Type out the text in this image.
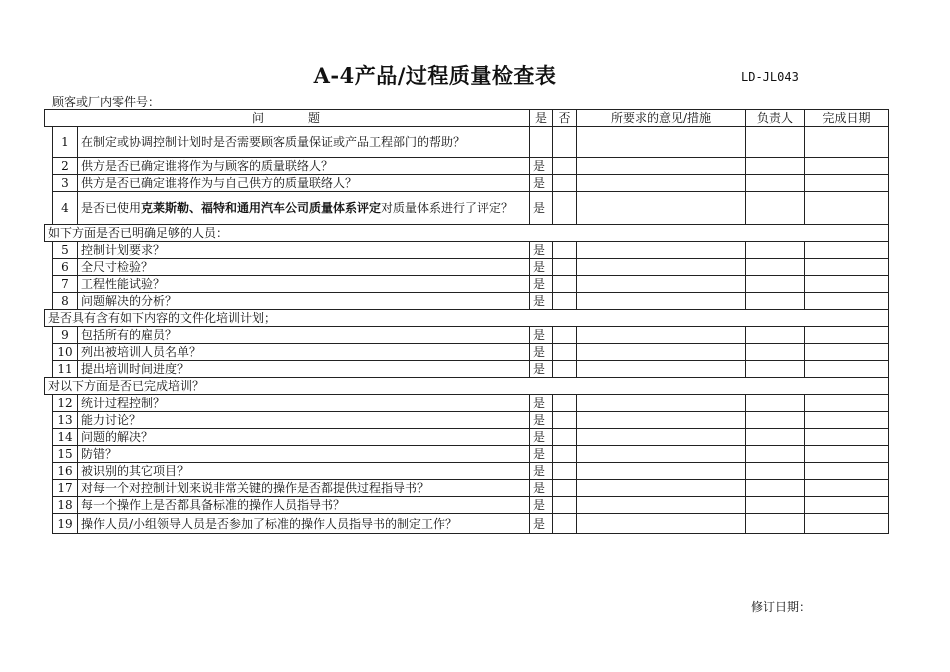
A-4产品/过程质量检查表	LD-JL043
顾客或厂内零件号：
问　　　题			是	否	所要求的意见/措施	负责人	完成日期
	1	在制定或协调控制计划时是否需要顾客质量保证或产品工程部门的帮助？					
	2	供方是否已确定谁将作为与顾客的质量联络人？	是				
	3	供方是否已确定谁将作为与自己供方的质量联络人？	是				
	4	是否已使用克莱斯勒、福特和通用汽车公司质量体系评定对质量体系进行了评定？	是				
如下方面是否已明确足够的人员：							
	5	控制计划要求？	是				
	6	全尺寸检验？	是				
	7	工程性能试验？	是				
	8	问题解决的分析？	是				
是否具有含有如下内容的文件化培训计划；							
	9	包括所有的雇员？	是				
	10	列出被培训人员名单？	是				
	11	提出培训时间进度？	是				
对以下方面是否已完成培训？							
	12	统计过程控制？	是				
	13	能力讨论？	是				
	14	问题的解决？	是				
	15	防错？	是				
	16	被识别的其它项目？	是				
	17	对每一个对控制计划来说非常关键的操作是否都提供过程指导书？	是				
	18	每一个操作上是否都具备标准的操作人员指导书？	是				
	19	操作人员/小组领导人员是否参加了标准的操作人员指导书的制定工作？	是				
修订日期：
